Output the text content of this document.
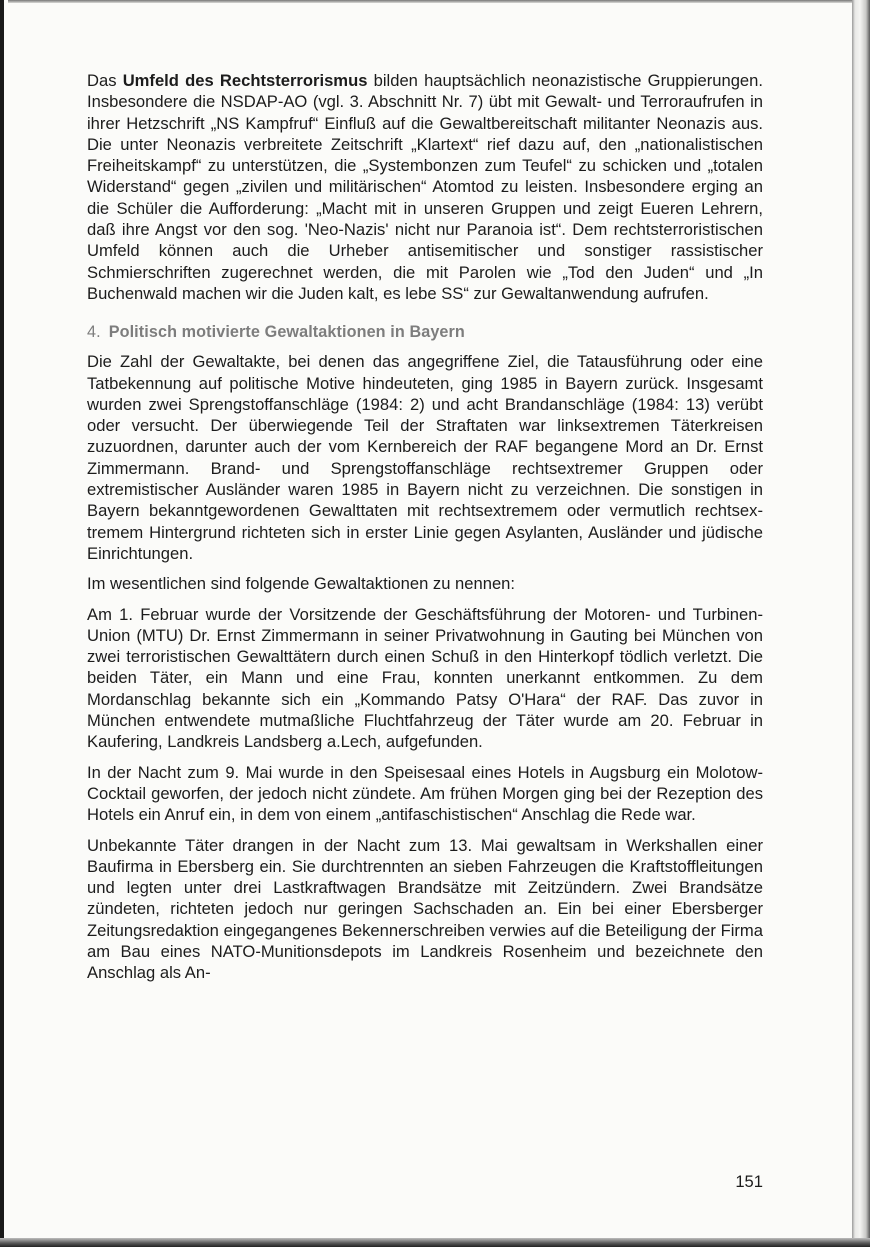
Das Umfeld des Rechtsterrorismus bilden hauptsächlich neonazistische Gruppierungen. Insbesondere die NSDAP-AO (vgl. 3. Abschnitt Nr. 7) übt mit Gewalt- und Terroraufrufen in ihrer Hetzschrift „NS Kampfruf“ Einfluß auf die Gewaltbereitschaft militanter Neonazis aus. Die unter Neonazis verbreitete Zeitschrift „Klartext“ rief dazu auf, den „nationalistischen Freiheitskampf“ zu unterstützen, die „Systembonzen zum Teufel“ zu schicken und „totalen Widerstand“ gegen „zivilen und militärischen“ Atomtod zu leisten. Insbesondere erging an die Schüler die Aufforderung: „Macht mit in unseren Gruppen und zeigt Eueren Lehrern, daß ihre Angst vor den sog. 'Neo-Nazis' nicht nur Paranoia ist“. Dem rechtsterroristischen Umfeld können auch die Urheber antisemitischer und sonstiger rassistischer Schmierschriften zugerechnet werden, die mit Parolen wie „Tod den Juden“ und „In Buchenwald machen wir die Juden kalt, es lebe SS“ zur Gewaltanwendung aufrufen.

4. Politisch motivierte Gewaltaktionen in Bayern

Die Zahl der Gewaltakte, bei denen das angegriffene Ziel, die Tatausführung oder eine Tatbekennung auf politische Motive hindeuteten, ging 1985 in Bayern zurück. Insgesamt wurden zwei Sprengstoffanschläge (1984: 2) und acht Brandanschläge (1984: 13) verübt oder versucht. Der überwiegende Teil der Straftaten war linksextremen Täterkreisen zuzuordnen, darunter auch der vom Kernbereich der RAF begangene Mord an Dr. Ernst Zimmermann. Brand- und Sprengstoffanschläge rechtsextremer Gruppen oder extremistischer Ausländer waren 1985 in Bayern nicht zu verzeichnen. Die sonstigen in Bayern bekanntgewordenen Gewalttaten mit rechtsextremem oder vermutlich rechtsextremem Hintergrund richteten sich in erster Linie gegen Asylanten, Ausländer und jüdische Einrichtungen.

Im wesentlichen sind folgende Gewaltaktionen zu nennen:

Am 1. Februar wurde der Vorsitzende der Geschäftsführung der Motoren- und Turbinen-Union (MTU) Dr. Ernst Zimmermann in seiner Privatwohnung in Gauting bei München von zwei terroristischen Gewalttätern durch einen Schuß in den Hinterkopf tödlich verletzt. Die beiden Täter, ein Mann und eine Frau, konnten unerkannt entkommen. Zu dem Mordanschlag bekannte sich ein „Kommando Patsy O'Hara“ der RAF. Das zuvor in München entwendete mutmaßliche Fluchtfahrzeug der Täter wurde am 20. Februar in Kaufering, Landkreis Landsberg a.Lech, aufgefunden.

In der Nacht zum 9. Mai wurde in den Speisesaal eines Hotels in Augsburg ein Molotow-Cocktail geworfen, der jedoch nicht zündete. Am frühen Morgen ging bei der Rezeption des Hotels ein Anruf ein, in dem von einem „antifaschistischen“ Anschlag die Rede war.

Unbekannte Täter drangen in der Nacht zum 13. Mai gewaltsam in Werkshallen einer Baufirma in Ebersberg ein. Sie durchtrennten an sieben Fahrzeugen die Kraftstoffleitungen und legten unter drei Lastkraftwagen Brandsätze mit Zeitzündern. Zwei Brandsätze zündeten, richteten jedoch nur geringen Sachschaden an. Ein bei einer Ebersberger Zeitungsredaktion eingegangenes Bekennerschreiben verwies auf die Beteiligung der Firma am Bau eines NATO-Munitionsdepots im Landkreis Rosenheim und bezeichnete den Anschlag als An-

151
